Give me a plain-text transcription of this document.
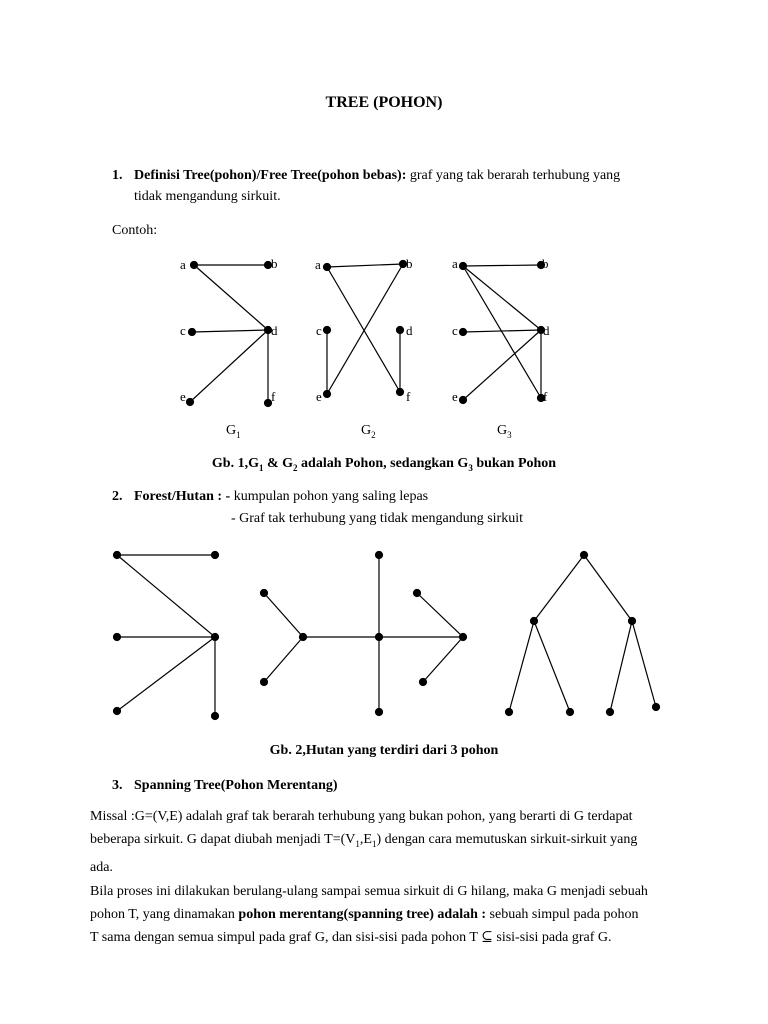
TREE (POHON)
1. Definisi Tree(pohon)/Free Tree(pohon bebas): graf yang tak berarah terhubung yang
tidak mengandung sirkuit.
Contoh:
a	b
c	d
e	f
a	b
c	d
e	f
a	b
c	d
e	f
$G_1$	$G_2$	$G_3$
Gb. $1,G_1$ & $G_2$ adalah Pohon, sedangkan $G_3$ bukan Pohon
2. Forest/Hutan : - kumpulan pohon yang saling lepas
- Graf tak terhubung yang tidak mengandung sirkuit
Gb. 2,Hutan yang terdiri dari 3 pohon
3. Spanning Tree(Pohon Merentang)
Missal :G=(V,E) adalah graf tak berarah terhubung yang bukan pohon, yang berarti di G terdapat
beberapa sirkuit. G dapat diubah menjadi $T=(V_1,E_1)$ dengan cara memutuskan sirkuit-sirkuit yang
ada.
Bila proses ini dilakukan berulang-ulang sampai semua sirkuit di G hilang, maka G menjadi sebuah
pohon T, yang dinamakan pohon merentang(spanning tree) adalah : sebuah simpul pada pohon
T sama dengan semua simpul pada graf G, dan sisi-sisi pada pohon T ⊆ sisi-sisi pada graf G.
